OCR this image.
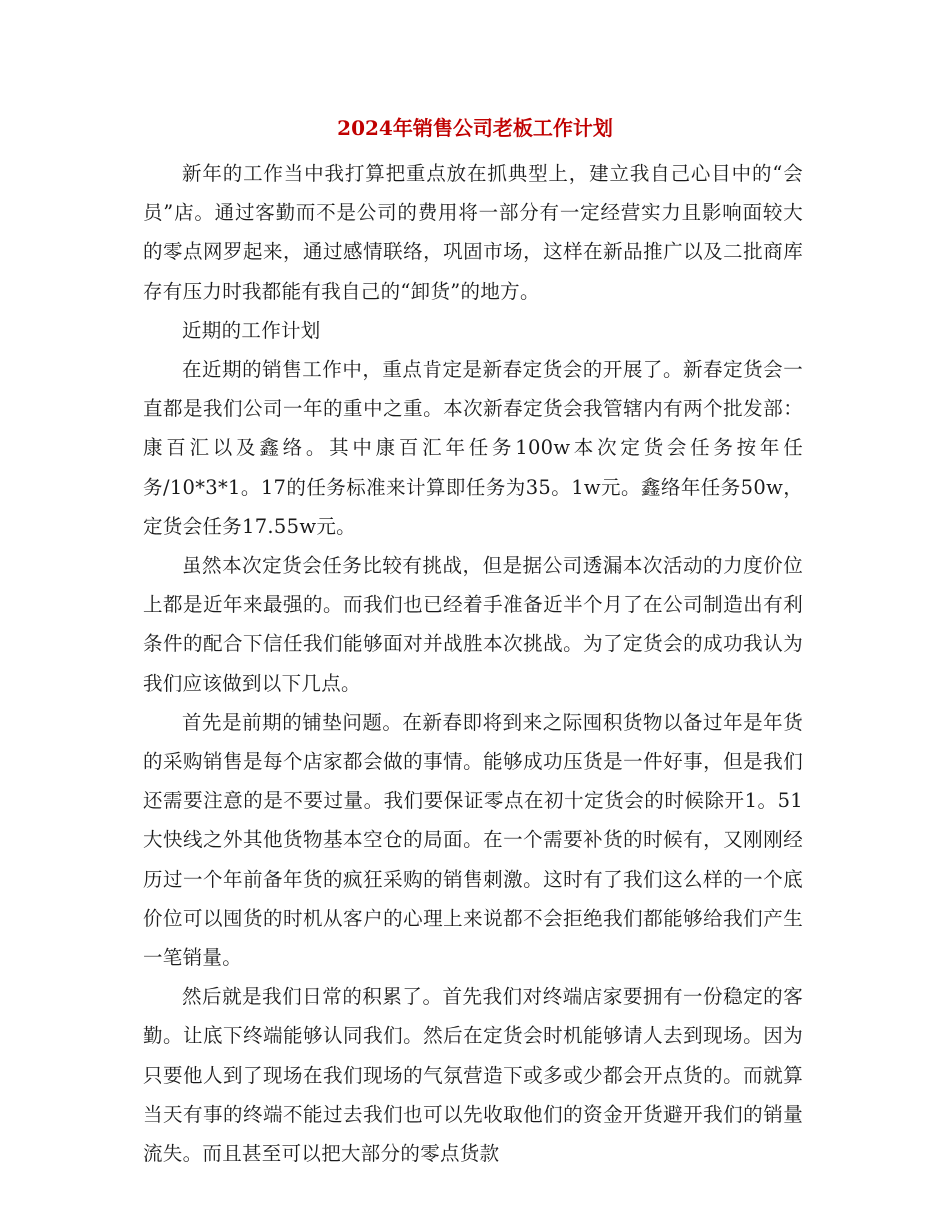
2024年销售公司老板工作计划

新年的工作当中我打算把重点放在抓典型上，建立我自己心目中的“会员”店。通过客勤而不是公司的费用将一部分有一定经营实力且影响面较大的零点网罗起来，通过感情联络，巩固市场，这样在新品推广以及二批商库存有压力时我都能有我自己的“卸货”的地方。

近期的工作计划

在近期的销售工作中，重点肯定是新春定货会的开展了。新春定货会一直都是我们公司一年的重中之重。本次新春定货会我管辖内有两个批发部：康百汇以及鑫络。其中康百汇年任务100w本次定货会任务按年任务/10*3*1。17的任务标准来计算即任务为35。1w元。鑫络年任务50w，定货会任务17.55w元。

虽然本次定货会任务比较有挑战，但是据公司透漏本次活动的力度价位上都是近年来最强的。而我们也已经着手准备近半个月了在公司制造出有利条件的配合下信任我们能够面对并战胜本次挑战。为了定货会的成功我认为我们应该做到以下几点。

首先是前期的铺垫问题。在新春即将到来之际囤积货物以备过年是年货的采购销售是每个店家都会做的事情。能够成功压货是一件好事，但是我们还需要注意的是不要过量。我们要保证零点在初十定货会的时候除开1。51大快线之外其他货物基本空仓的局面。在一个需要补货的时候有，又刚刚经历过一个年前备年货的疯狂采购的销售刺激。这时有了我们这么样的一个底价位可以囤货的时机从客户的心理上来说都不会拒绝我们都能够给我们产生一笔销量。

然后就是我们日常的积累了。首先我们对终端店家要拥有一份稳定的客勤。让底下终端能够认同我们。然后在定货会时机能够请人去到现场。因为只要他人到了现场在我们现场的气氛营造下或多或少都会开点货的。而就算当天有事的终端不能过去我们也可以先收取他们的资金开货避开我们的销量流失。而且甚至可以把大部分的零点货款
